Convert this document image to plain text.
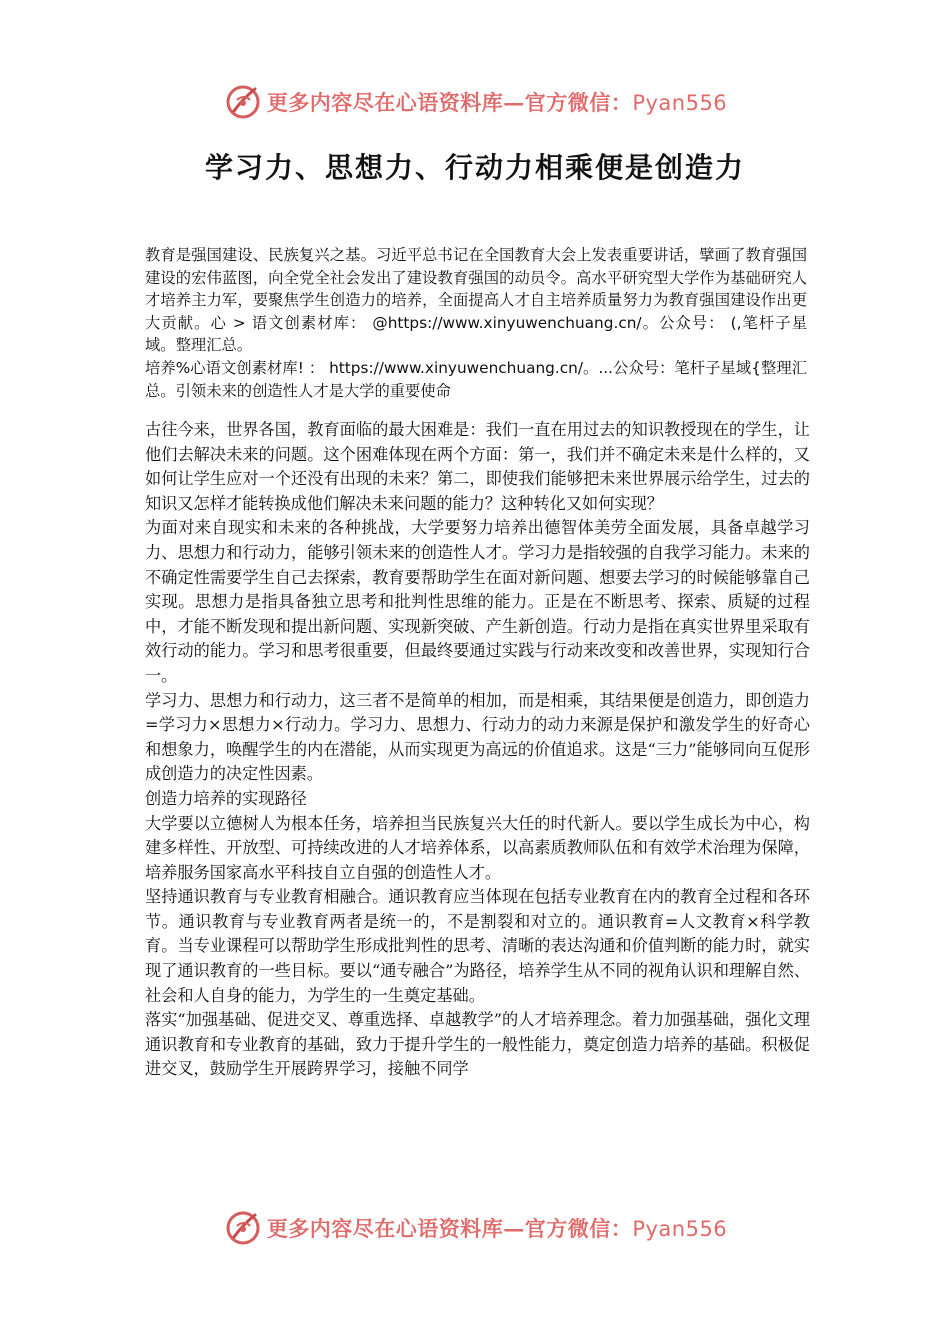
更多内容尽在心语资料库—官方微信：Pyan556
学习力、思想力、行动力相乘便是创造力

教育是强国建设、民族复兴之基。习近平总书记在全国教育大会上发表重要讲话，擘画了教育强国建设的宏伟蓝图，向全党全社会发出了建设教育强国的动员令。高水平研究型大学作为基础研究人才培养主力军，要聚焦学生创造力的培养，全面提高人才自主培养质量努力为教育强国建设作出更大贡献。心 > 语文创素材库： @https://www.xinyuwenchuang.cn/。公众号： (,笔杆子星域。整理汇总。

培养%心语文创素材库! ： https://www.xinyuwenchuang.cn/。...公众号：笔杆子星域{整理汇总。引领未来的创造性人才是大学的重要使命

古往今来，世界各国，教育面临的最大困难是：我们一直在用过去的知识教授现在的学生，让他们去解决未来的问题。这个困难体现在两个方面：第一，我们并不确定未来是什么样的，又如何让学生应对一个还没有出现的未来？第二，即使我们能够把未来世界展示给学生，过去的知识又怎样才能转换成他们解决未来问题的能力？这种转化又如何实现？

为面对来自现实和未来的各种挑战，大学要努力培养出德智体美劳全面发展，具备卓越学习力、思想力和行动力，能够引领未来的创造性人才。学习力是指较强的自我学习能力。未来的不确定性需要学生自己去探索，教育要帮助学生在面对新问题、想要去学习的时候能够靠自己实现。思想力是指具备独立思考和批判性思维的能力。正是在不断思考、探索、质疑的过程中，才能不断发现和提出新问题、实现新突破、产生新创造。行动力是指在真实世界里采取有效行动的能力。学习和思考很重要，但最终要通过实践与行动来改变和改善世界，实现知行合一。

学习力、思想力和行动力，这三者不是简单的相加，而是相乘，其结果便是创造力，即创造力=学习力×思想力×行动力。学习力、思想力、行动力的动力来源是保护和激发学生的好奇心和想象力，唤醒学生的内在潜能，从而实现更为高远的价值追求。这是“三力”能够同向互促形成创造力的决定性因素。

创造力培养的实现路径

大学要以立德树人为根本任务，培养担当民族复兴大任的时代新人。要以学生成长为中心，构建多样性、开放型、可持续改进的人才培养体系，以高素质教师队伍和有效学术治理为保障，培养服务国家高水平科技自立自强的创造性人才。

坚持通识教育与专业教育相融合。通识教育应当体现在包括专业教育在内的教育全过程和各环节。通识教育与专业教育两者是统一的，不是割裂和对立的。通识教育=人文教育×科学教育。当专业课程可以帮助学生形成批判性的思考、清晰的表达沟通和价值判断的能力时，就实现了通识教育的一些目标。要以“通专融合”为路径，培养学生从不同的视角认识和理解自然、社会和人自身的能力，为学生的一生奠定基础。

落实“加强基础、促进交叉、尊重选择、卓越教学”的人才培养理念。着力加强基础，强化文理通识教育和专业教育的基础，致力于提升学生的一般性能力，奠定创造力培养的基础。积极促进交叉，鼓励学生开展跨界学习，接触不同学

更多内容尽在心语资料库—官方微信：Pyan556
